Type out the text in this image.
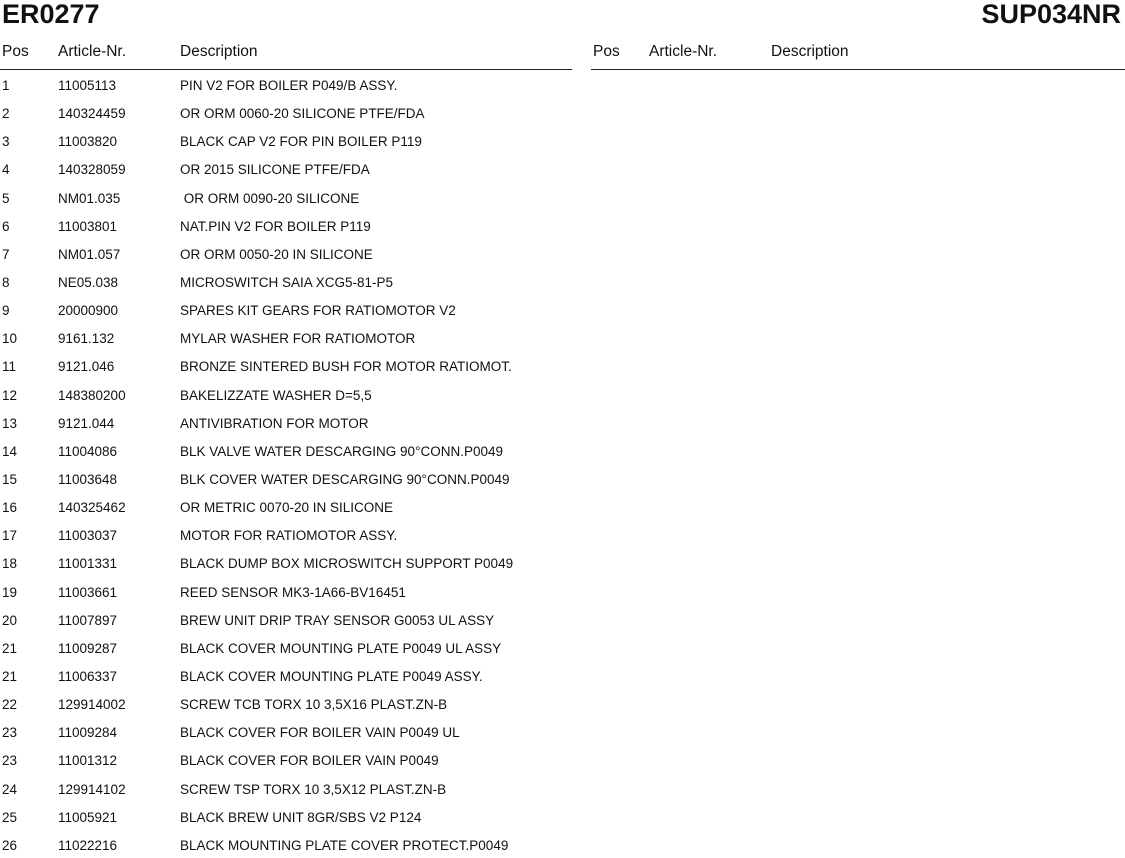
ER0277	SUP034NR
Pos Article-Nr.	Description
1	11005113	PIN V2 FOR BOILER P049/B ASSY.
2	140324459	OR ORM 0060-20 SILICONE PTFE/FDA
3	11003820	BLACK CAP V2 FOR PIN BOILER P119
4	140328059	OR 2015 SILICONE PTFE/FDA
5	NM01.035	OR ORM 0090-20 SILICONE
6	11003801	NAT.PIN V2 FOR BOILER P119
7	NM01.057	OR ORM 0050-20 IN SILICONE
8	NE05.038	MICROSWITCH SAIA XCG5-81-P5
9	20000900	SPARES KIT GEARS FOR RATIOMOTOR V2
10	9161.132	MYLAR WASHER FOR RATIOMOTOR
11	9121.046	BRONZE SINTERED BUSH FOR MOTOR RATIOMOT.
12	148380200	BAKELIZZATE WASHER D=5,5
13	9121.044	ANTIVIBRATION FOR MOTOR
14	11004086	BLK VALVE WATER DESCARGING 90°CONN.P0049
15	11003648	BLK COVER WATER DESCARGING 90°CONN.P0049
16	140325462	OR METRIC 0070-20 IN SILICONE
17	11003037	MOTOR FOR RATIOMOTOR ASSY.
18	11001331	BLACK DUMP BOX MICROSWITCH SUPPORT P0049
19	11003661	REED SENSOR MK3-1A66-BV16451
20	11007897	BREW UNIT DRIP TRAY SENSOR G0053 UL ASSY
21	11009287	BLACK COVER MOUNTING PLATE P0049 UL ASSY
21	11006337	BLACK COVER MOUNTING PLATE P0049 ASSY.
22	129914002	SCREW TCB TORX 10 3,5X16 PLAST.ZN-B
23	11009284	BLACK COVER FOR BOILER VAIN P0049 UL
23	11001312	BLACK COVER FOR BOILER VAIN P0049
24	129914102	SCREW TSP TORX 10 3,5X12 PLAST.ZN-B
25	11005921	BLACK BREW UNIT 8GR/SBS V2 P124
26	11022216	BLACK MOUNTING PLATE COVER PROTECT.P0049
Pos Article-Nr.	Description
